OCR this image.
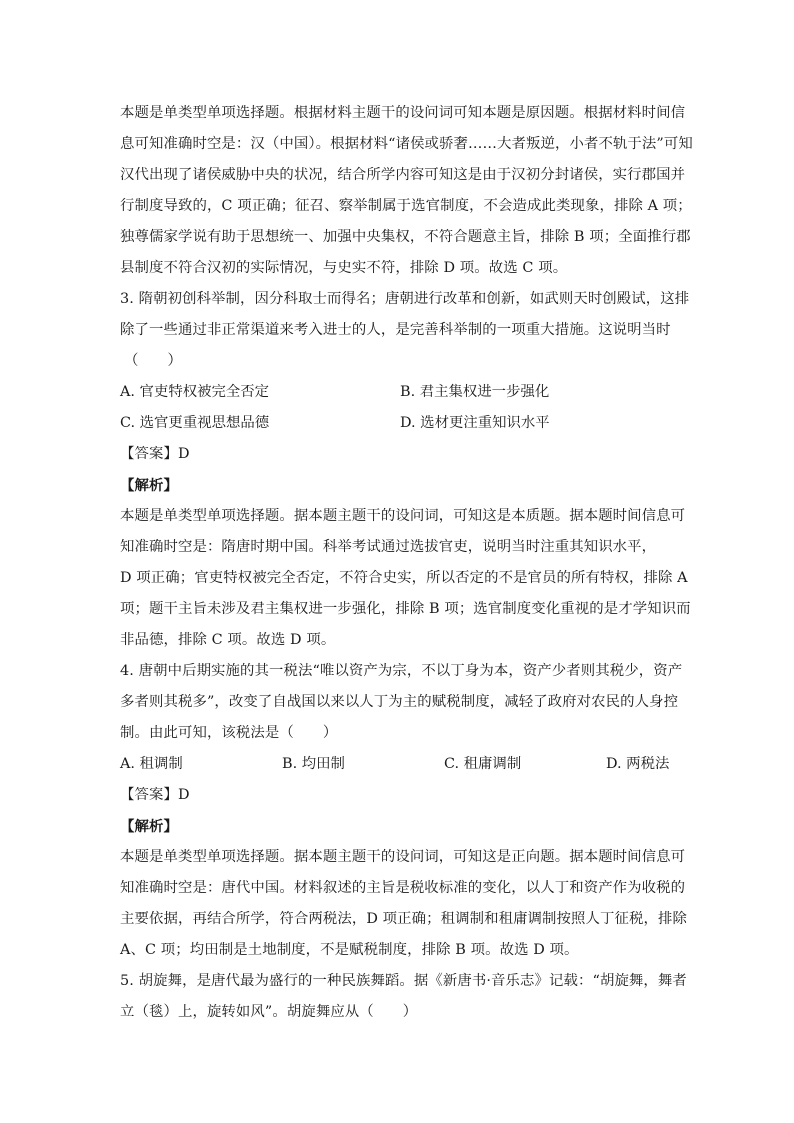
本题是单类型单项选择题。根据材料主题干的设问词可知本题是原因题。根据材料时间信
息可知准确时空是：汉（中国）。根据材料“诸侯或骄奢……大者叛逆，小者不轨于法”可知
汉代出现了诸侯威胁中央的状况，结合所学内容可知这是由于汉初分封诸侯，实行郡国并
行制度导致的，C 项正确；征召、察举制属于选官制度，不会造成此类现象，排除 A 项；
独尊儒家学说有助于思想统一、加强中央集权，不符合题意主旨，排除 B 项；全面推行郡
县制度不符合汉初的实际情况，与史实不符，排除 D 项。故选 C 项。
3. 隋朝初创科举制，因分科取士而得名；唐朝进行改革和创新，如武则天时创殿试，这排
除了一些通过非正常渠道来考入进士的人，是完善科举制的一项重大措施。这说明当时
（　　）
A. 官吏特权被完全否定	B. 君主集权进一步强化
C. 选官更重视思想品德	D. 选材更注重知识水平
【答案】D
【解析】
本题是单类型单项选择题。据本题主题干的设问词，可知这是本质题。据本题时间信息可
知准确时空是：隋唐时期中国。科举考试通过选拔官吏，说明当时注重其知识水平，
D 项正确；官吏特权被完全否定，不符合史实，所以否定的不是官员的所有特权，排除 A
项；题干主旨未涉及君主集权进一步强化，排除 B 项；选官制度变化重视的是才学知识而
非品德，排除 C 项。故选 D 项。
4. 唐朝中后期实施的其一税法“唯以资产为宗，不以丁身为本，资产少者则其税少，资产
多者则其税多”，改变了自战国以来以人丁为主的赋税制度，减轻了政府对农民的人身控
制。由此可知，该税法是（　　）
A. 租调制	B. 均田制	C. 租庸调制	D. 两税法
【答案】D
【解析】
本题是单类型单项选择题。据本题主题干的设问词，可知这是正向题。据本题时间信息可
知准确时空是：唐代中国。材料叙述的主旨是税收标准的变化，以人丁和资产作为收税的
主要依据，再结合所学，符合两税法，D 项正确；租调制和租庸调制按照人丁征税，排除
A、C 项；均田制是土地制度，不是赋税制度，排除 B 项。故选 D 项。
5. 胡旋舞，是唐代最为盛行的一种民族舞蹈。据《新唐书·音乐志》记载：“胡旋舞，舞者
立（毯）上，旋转如风”。胡旋舞应从（　　）
